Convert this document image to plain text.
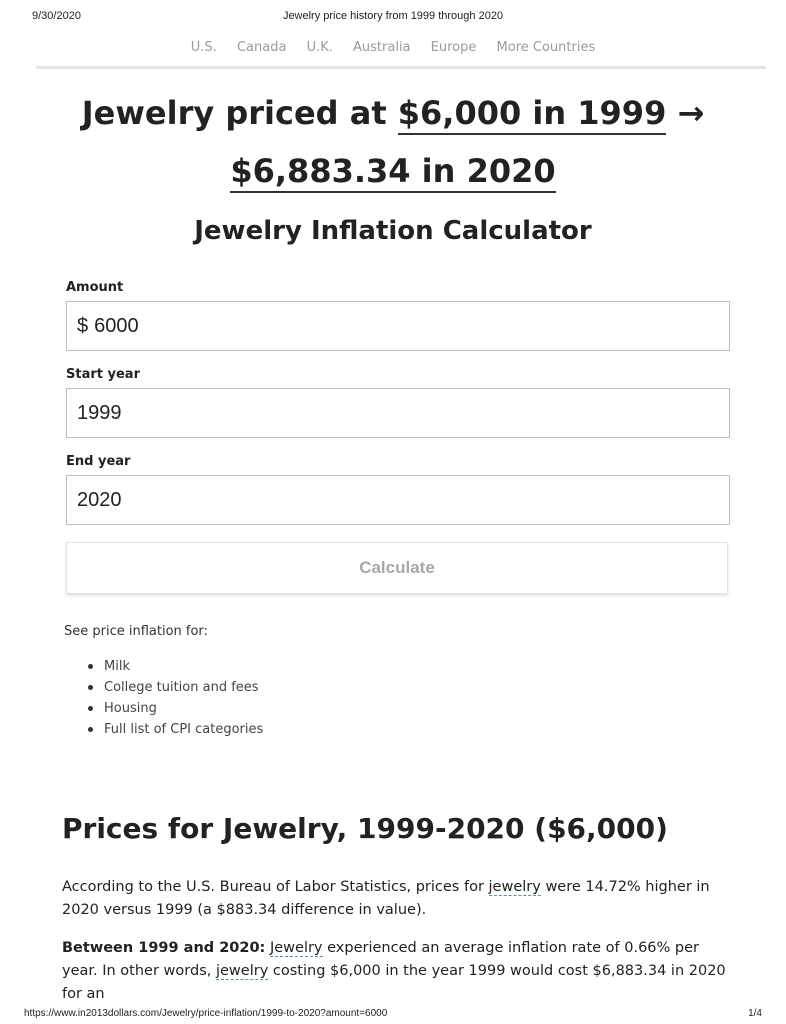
9/30/2020	Jewelry price history from 1999 through 2020
U.S. Canada U.K. Australia Europe More Countries
Jewelry priced at $6,000 in 1999 →
$6,883.34 in 2020
Jewelry Inflation Calculator
Amount
$ 6000
Start year
1999
End year
2020
Calculate
See price inflation for:
Milk
College tuition and fees
Housing
Full list of CPI categories
Prices for Jewelry, 1999-2020 ($6,000)
According to the U.S. Bureau of Labor Statistics, prices for jewelry were 14.72% higher in 2020 versus 1999 (a $883.34 difference in value).
Between 1999 and 2020: Jewelry experienced an average inflation rate of 0.66% per year. In other words, jewelry costing $6,000 in the year 1999 would cost $6,883.34 in 2020 for an
https://www.in2013dollars.com/Jewelry/price-inflation/1999-to-2020?amount=6000	1/4
